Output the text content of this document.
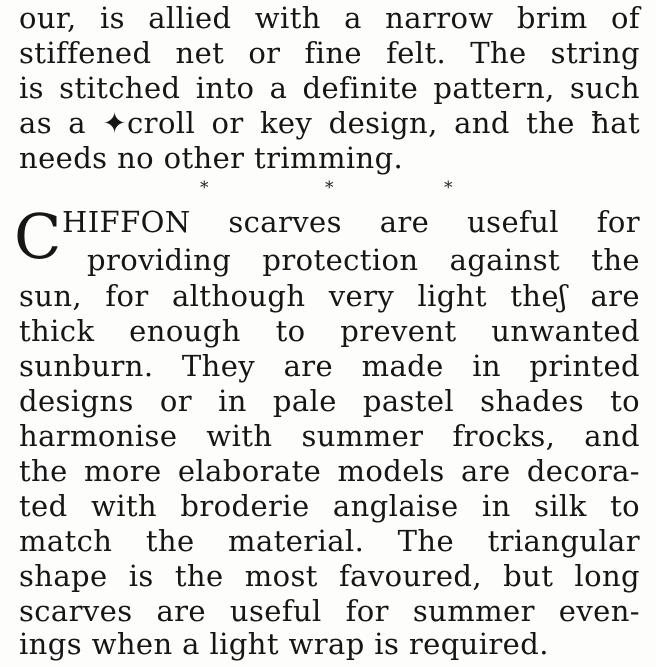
our, is allied with a narrow brim of
stiffened net or fine felt. The string
is stitched into a definite pattern, such
as a ✦croll or key design, and the ħat
needs no other trimming.
*	*	*
C HIFFON scarves are useful for
providing protection against the
sun, for although very light theʃ are
thick enough to prevent unwanted
sunburn. They are made in printed
designs or in pale pastel shades to
harmonise with summer frocks, and
the more elaborate models are decora-
ted with broderie anglaise in silk to
match the material. The triangular
shape is the most favoured, but long
scarves are useful for summer even-
ings when a light wrap is required.
